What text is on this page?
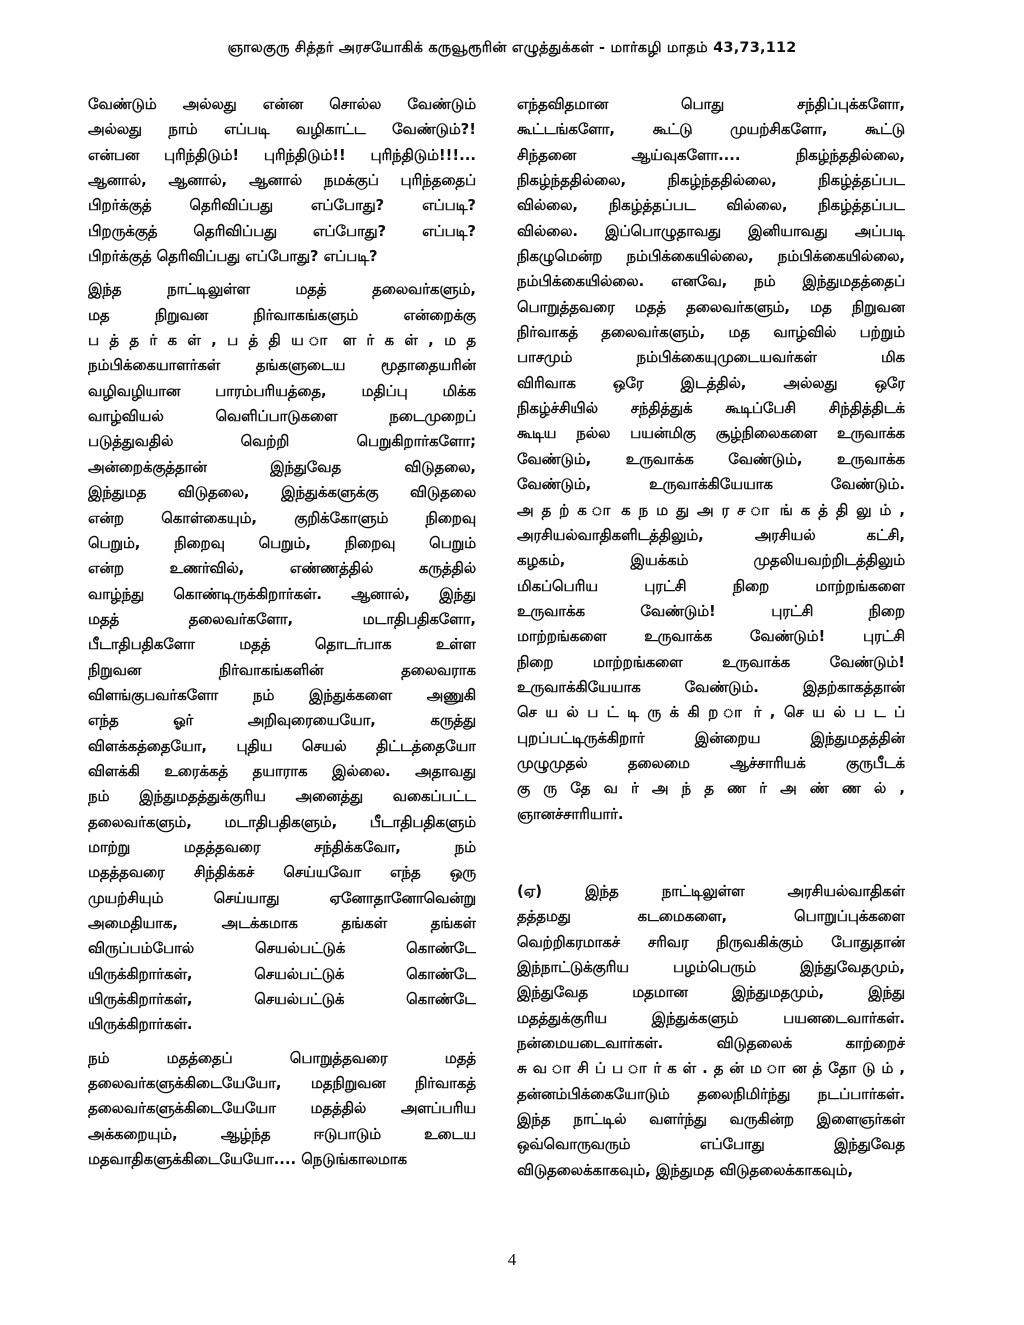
ஞாலகுரு சித்தர் அரசயோகிக் கருவூரூரின் எழுத்துக்கள் - மார்கழி மாதம் 43,73,112
வேண்டும் அல்லது என்ன சொல்ல வேண்டும்
அல்லது நாம் எப்படி வழிகாட்ட வேண்டும்?!
என்பன புரிந்திடும்! புரிந்திடும்!! புரிந்திடும்!!!...
ஆனால், ஆனால், ஆனால் நமக்குப் புரிந்ததைப்
பிறர்க்குத் தெரிவிப்பது எப்போது? எப்படி?
பிறருக்குத் தெரிவிப்பது எப்போது? எப்படி?
பிறர்க்குத் தெரிவிப்பது எப்போது? எப்படி?
இந்த நாட்டிலுள்ள மதத் தலைவர்களும்,
மத நிறுவன நிர்வாகங்களும் என்றைக்கு
ப த் த ர் க ள் , ப த் தி ய ா ள ர் க ள் , ம த
நம்பிக்கையாளர்கள் தங்களுடைய மூதாதையரின்
வழிவழியான பாரம்பரியத்தை, மதிப்பு மிக்க
வாழ்வியல் வெளிப்பாடுகளை நடைமுறைப்
படுத்துவதில் வெற்றி பெறுகிறார்களோ;
அன்றைக்குத்தான் இந்துவேத விடுதலை,
இந்துமத விடுதலை, இந்துக்களுக்கு விடுதலை
என்ற கொள்கையும், குறிக்கோளும் நிறைவு
பெறும், நிறைவு பெறும், நிறைவு பெறும்
என்ற உணர்வில், எண்ணத்தில் கருத்தில்
வாழ்ந்து கொண்டிருக்கிறார்கள். ஆனால், இந்து
மதத் தலைவர்களோ, மடாதிபதிகளோ,
பீடாதிபதிகளோ மதத் தொடர்பாக உள்ள
நிறுவன நிர்வாகங்களின் தலைவராக
விளங்குபவர்களோ நம் இந்துக்களை அணுகி
எந்த ஓர் அறிவுரையையோ, கருத்து
விளக்கத்தையோ, புதிய செயல் திட்டத்தையோ
விளக்கி உரைக்கத் தயாராக இல்லை. அதாவது
நம் இந்துமதத்துக்குரிய அனைத்து வகைப்பட்ட
தலைவர்களும், மடாதிபதிகளும், பீடாதிபதிகளும்
மாற்று மதத்தவரை சந்திக்கவோ, நம்
மதத்தவரை சிந்திக்கச் செய்யவோ எந்த ஒரு
முயற்சியும் செய்யாது ஏனோதானோவென்று
அமைதியாக, அடக்கமாக தங்கள் தங்கள்
விருப்பம்போல் செயல்பட்டுக் கொண்டே
யிருக்கிறார்கள், செயல்பட்டுக் கொண்டே
யிருக்கிறார்கள், செயல்பட்டுக் கொண்டே
யிருக்கிறார்கள்.
நம் மதத்தைப் பொறுத்தவரை மதத்
தலைவர்களுக்கிடையேயோ, மதநிறுவன நிர்வாகத்
தலைவர்களுக்கிடையேயோ மதத்தில் அளப்பரிய
அக்கறையும், ஆழ்ந்த ஈடுபாடும் உடைய
மதவாதிகளுக்கிடையேயோ.... நெடுங்காலமாக
எந்தவிதமான பொது சந்திப்புக்களோ,
கூட்டங்களோ, கூட்டு முயற்சிகளோ, கூட்டு
சிந்தனை ஆய்வுகளோ.... நிகழ்ந்ததில்லை,
நிகழ்ந்ததில்லை, நிகழ்ந்ததில்லை, நிகழ்த்தப்பட
வில்லை, நிகழ்த்தப்பட வில்லை, நிகழ்த்தப்பட
வில்லை. இப்பொழுதாவது இனியாவது அப்படி
நிகழுமென்ற நம்பிக்கையில்லை, நம்பிக்கையில்லை,
நம்பிக்கையில்லை. எனவே, நம் இந்துமதத்தைப்
பொறுத்தவரை மதத் தலைவர்களும், மத நிறுவன
நிர்வாகத் தலைவர்களும், மத வாழ்வில் பற்றும்
பாசமும் நம்பிக்கையுமுடையவர்கள் மிக
விரிவாக ஒரே இடத்தில், அல்லது ஒரே
நிகழ்ச்சியில் சந்தித்துக் கூடிப்பேசி சிந்தித்திடக்
கூடிய நல்ல பயன்மிகு சூழ்நிலைகளை உருவாக்க
வேண்டும், உருவாக்க வேண்டும், உருவாக்க
வேண்டும், உருவாக்கியேயாக வேண்டும்.
அ த ற் க ா க ந ம து அ ர ச ா ங் க த் தி லு ம் ,
அரசியல்வாதிகளிடத்திலும், அரசியல் கட்சி,
கழகம், இயக்கம் முதலியவற்றிடத்திலும்
மிகப்பெரிய புரட்சி நிறை மாற்றங்களை
உருவாக்க வேண்டும்! புரட்சி நிறை
மாற்றங்களை உருவாக்க வேண்டும்! புரட்சி
நிறை மாற்றங்களை உருவாக்க வேண்டும்!
உருவாக்கியேயாக வேண்டும். இதற்காகத்தான்
செ ய ல் ப ட் டி ரு க் கி ற ா ர் , செ ய ல் ப ட ப்
புறப்பட்டிருக்கிறார் இன்றைய இந்துமதத்தின்
முழுமுதல் தலைமை ஆச்சாரியக் குருபீடக்
கு ரு தே வ ர் அ ந் த ண ர் அ ண் ண ல் ,
ஞானச்சாரியார்.
(ஏ) இந்த நாட்டிலுள்ள அரசியல்வாதிகள்
தத்தமது கடமைகளை, பொறுப்புக்களை
வெற்றிகரமாகச் சரிவர நிருவகிக்கும் போதுதான்
இந்நாட்டுக்குரிய பழம்பெரும் இந்துவேதமும்,
இந்துவேத மதமான இந்துமதமும், இந்து
மதத்துக்குரிய இந்துக்களும் பயனடைவார்கள்.
நன்மையடைவார்கள். விடுதலைக் காற்றைச்
சு வ ா சி ப் ப ா ர் க ள் . த ன் ம ா ன த் தோ டு ம் ,
தன்னம்பிக்கையோடும் தலைநிமிர்ந்து நடப்பார்கள்.
இந்த நாட்டில் வளர்ந்து வருகின்ற இளைஞர்கள்
ஒவ்வொருவரும் எப்போது இந்துவேத
விடுதலைக்காகவும், இந்துமத விடுதலைக்காகவும்,
4
